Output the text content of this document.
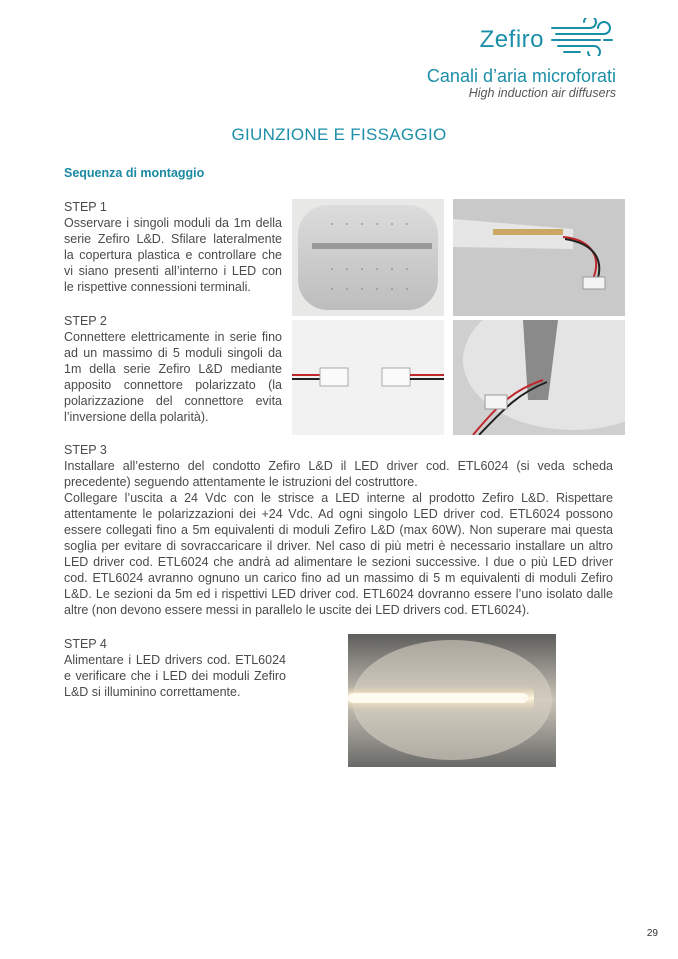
Zefiro
Canali d’aria microforati
High induction air diffusers
GIUNZIONE E FISSAGGIO
Sequenza di montaggio
STEP 1
Osservare i singoli moduli da 1m della serie Zefiro L&D. Sfilare lateralmente la copertura plastica e controllare che vi siano presenti all’interno i LED con le rispettive connessioni terminali.
STEP 2
Connettere elettricamente in serie fino ad un massimo di 5 moduli singoli da 1m della serie Zefiro L&D mediante apposito connettore polarizzato (la polarizzazione del connettore evita l’inversione della polarità).
STEP 3
Installare all’esterno del condotto Zefiro L&D il LED driver cod. ETL6024 (si veda scheda precedente) seguendo attentamente le istruzioni del costruttore.
Collegare l’uscita a 24 Vdc con le strisce a LED interne al prodotto Zefiro L&D. Rispettare attentamente le polarizzazioni dei +24 Vdc. Ad ogni singolo LED driver cod. ETL6024 possono essere collegati fino a 5m equivalenti di moduli Zefiro L&D (max 60W). Non superare mai questa soglia per evitare di sovraccaricare il driver. Nel caso di più metri è necessario installare un altro LED driver cod. ETL6024 che andrà ad alimentare le sezioni successive. I due o più LED driver cod. ETL6024 avranno ognuno un carico fino ad un massimo di 5 m equivalenti di moduli Zefiro L&D. Le sezioni da 5m ed i rispettivi LED driver cod. ETL6024 dovranno essere l’uno isolato dalle altre (non devono essere messi in parallelo le uscite dei LED drivers cod. ETL6024).
STEP 4
Alimentare i LED drivers cod. ETL6024 e verificare che i LED dei moduli Zefiro L&D si illuminino correttamente.
29
